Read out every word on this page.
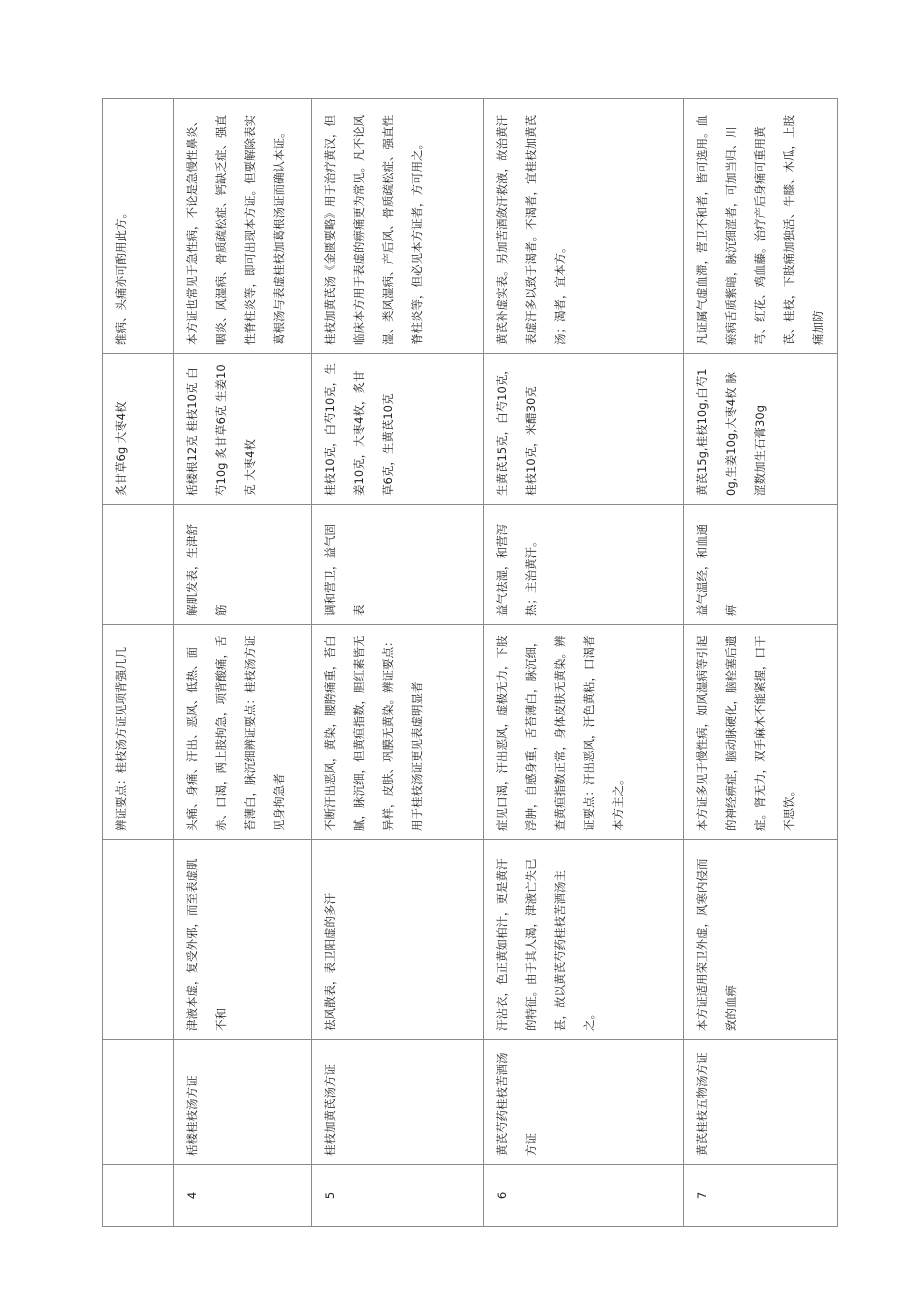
			辨证要点：桂枝汤方证见项背强几几		炙甘草6g 大枣4枚	维病、头痛亦可酌用此方。
4	栝楼桂枝汤方证	津液本虚，复受外邪，而至表虚肌不和	头痛、身痛、汗出、恶风、低热、面赤、口渴，两上肢拘急，项背酸痛，舌苔薄白，脉沉细辨证要点：桂枝汤方证见身拘急者	解肌发表，生津舒筋	栝楼根12克 桂枝10克 白芍10g 炙甘草6克 生姜10克 大枣4枚	本方证也常见于急性病，不论是急慢性鼻炎、咽炎、风湿病、骨质疏松症、钙缺乏症、强直性脊柱炎等，即可出现本方证。但要解除表实葛根汤与表虚桂枝加葛根汤证而确认本证。
5	桂枝加黄芪汤方证	祛风散表，表卫阳虚的多汗	不断汗出恶风，黄染，腰胯痛重，苔白腻，脉沉细，但黄疸指数，胆红素皆无异样，皮肤、巩膜无黄染。辨证要点：用于桂枝汤证更见表虚明显者	调和营卫，益气固表	桂枝10克，白芍10克，生姜10克，大枣4枚，炙甘草6克，生黄芪10克	桂枝加黄芪汤《金匮要略》用于治疗黄汉，但临床本方用于表虚的痹痛更为常见。凡不论风湿、类风湿病、产后风、骨质疏松症、强直性脊柱炎等，但必见本方证者，方可用之。
6	黄芪芍药桂枝苦酒汤方证	汗沾衣，色正黄如柏汁，更是黄汗的特征。由于其人渴，津液亡失已甚，故以黄芪芍药桂枝苦酒汤主之。	症见口渴，汗出恶风，虚极无力，下肢浮肿，自感身重，舌苔薄白，脉沉细，查黄疸指数正常，身体皮肤无黄染。辨证要点：汗出恶风，汗色黄粘，口渴者本方主之。	益气祛湿，和营泻热；主治黄汗。	生黄芪15克，白芍10克，桂枝10克，米醋30克	黄芪补虚实表。另加苦酒敛汗救液，故治黄汗表虚汗多以致于渴者。不渴者，宜桂枝加黄芪汤；渴者，宜本方。
7	黄芪桂枝五物汤方证	本方证适用荣卫外虚，风寒内侵而致的血痹	本方证多见于慢性病，如风湿病等引起的神经痹症，脑动脉硬化，脑栓塞后遗症。肾无力，双手麻木不能紧握，口干不思饮。	益气温经，和血通痹	黄芪15g,桂枝10g,白芍10g,生姜10g,大枣4枚 脉涩数加生石膏30g	凡证属气虚血滞，营卫不和者，皆可选用。血瘀病舌质紫暗，脉沉细涩者，可加当归、川芎、红花、鸡血藤。治疗产后身痛可重用黄芪、桂枝，下肢痛加独活、牛膝、木瓜，上肢痛加防
